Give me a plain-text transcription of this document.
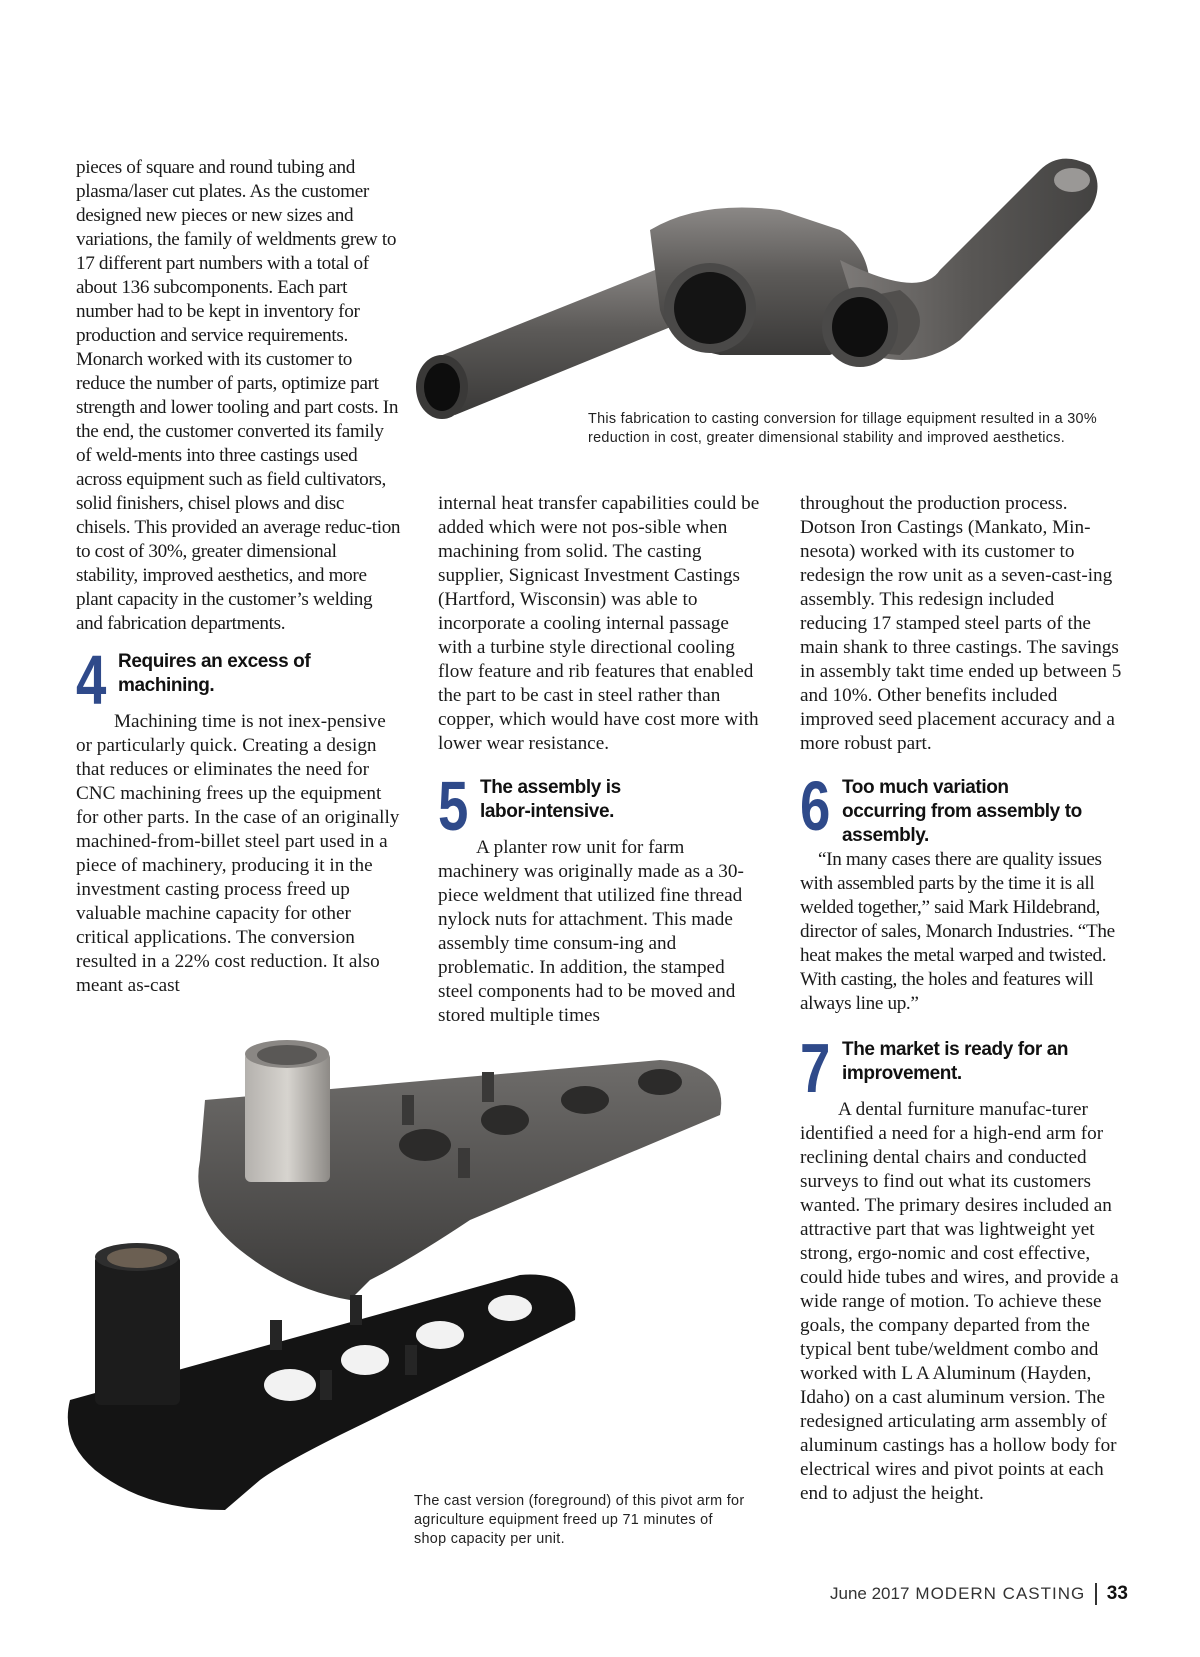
pieces of square and round tubing and plasma/laser cut plates. As the customer designed new pieces or new sizes and variations, the family of weldments grew to 17 different part numbers with a total of about 136 subcomponents. Each part number had to be kept in inventory for production and service requirements. Monarch worked with its customer to reduce the number of parts, optimize part strength and lower tooling and part costs. In the end, the customer converted its family of weld-ments into three castings used across equipment such as field cultivators, solid finishers, chisel plows and disc chisels. This provided an average reduc-tion to cost of 30%, greater dimensional stability, improved aesthetics, and more plant capacity in the customer’s welding and fabrication departments.

4 Requires an excess of machining.

Machining time is not inex-pensive or particularly quick. Creating a design that reduces or eliminates the need for CNC machining frees up the equipment for other parts. In the case of an originally machined-from-billet steel part used in a piece of machinery, producing it in the investment casting process freed up valuable machine capacity for other critical applications. The conversion resulted in a 22% cost reduction. It also meant as-cast

internal heat transfer capabilities could be added which were not pos-sible when machining from solid. The casting supplier, Signicast Investment Castings (Hartford, Wisconsin) was able to incorporate a cooling internal passage with a turbine style directional cooling flow feature and rib features that enabled the part to be cast in steel rather than copper, which would have cost more with lower wear resistance.

5 The assembly is labor-intensive.

A planter row unit for farm machinery was originally made as a 30-piece weldment that utilized fine thread nylock nuts for attachment. This made assembly time consum-ing and problematic. In addition, the stamped steel components had to be moved and stored multiple times

throughout the production process. Dotson Iron Castings (Mankato, Min-nesota) worked with its customer to redesign the row unit as a seven-cast-ing assembly. This redesign included reducing 17 stamped steel parts of the main shank to three castings. The savings in assembly takt time ended up between 5 and 10%. Other benefits included improved seed placement accuracy and a more robust part.

6 Too much variation occurring from assembly to assembly.

“In many cases there are quality issues with assembled parts by the time it is all welded together,” said Mark Hildebrand, director of sales, Monarch Industries. “The heat makes the metal warped and twisted. With casting, the holes and features will always line up.”

7 The market is ready for an improvement.

A dental furniture manufac-turer identified a need for a high-end arm for reclining dental chairs and conducted surveys to find out what its customers wanted. The primary desires included an attractive part that was lightweight yet strong, ergo-nomic and cost effective, could hide tubes and wires, and provide a wide range of motion. To achieve these goals, the company departed from the typical bent tube/weldment combo and worked with L A Aluminum (Hayden, Idaho) on a cast aluminum version. The redesigned articulating arm assembly of aluminum castings has a hollow body for electrical wires and pivot points at each end to adjust the height.

This fabrication to casting conversion for tillage equipment resulted in a 30% reduction in cost, greater dimensional stability and improved aesthetics.
The cast version (foreground) of this pivot arm for agriculture equipment freed up 71 minutes of shop capacity per unit.
June 2017 MODERN CASTING 33
